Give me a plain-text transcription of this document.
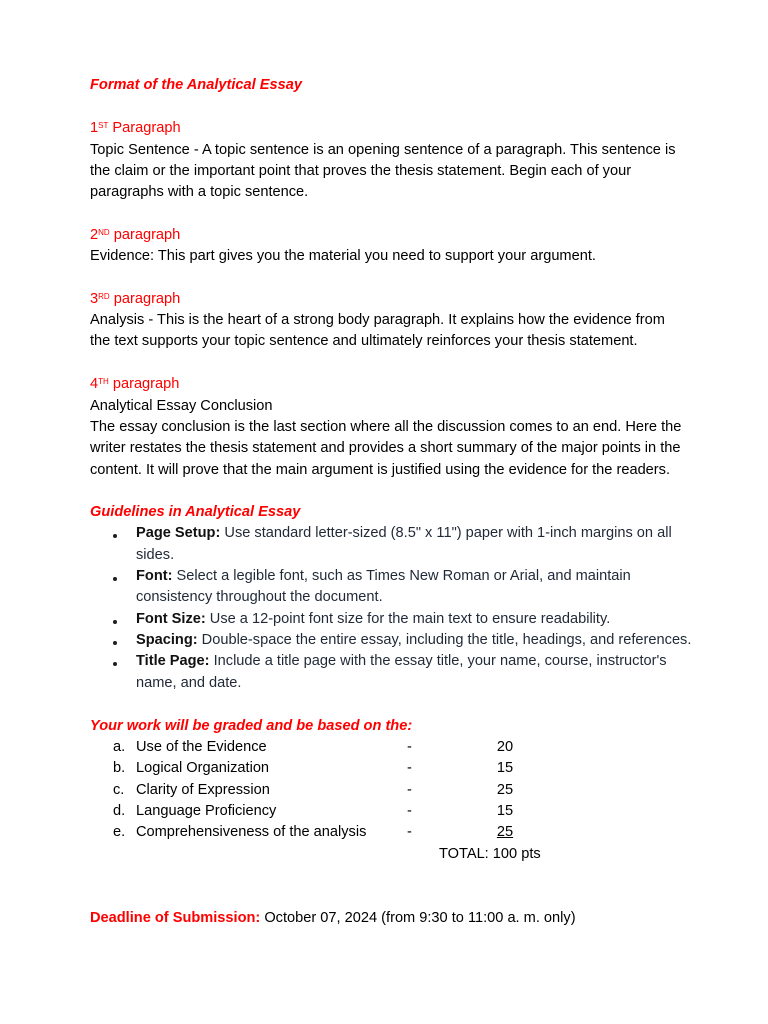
Format of the Analytical Essay
1ST Paragraph
Topic Sentence - A topic sentence is an opening sentence of a paragraph. This sentence is
the claim or the important point that proves the thesis statement. Begin each of your
paragraphs with a topic sentence.
2ND paragraph
Evidence: This part gives you the material you need to support your argument.
3RD paragraph
Analysis - This is the heart of a strong body paragraph. It explains how the evidence from
the text supports your topic sentence and ultimately reinforces your thesis statement.
4TH paragraph
Analytical Essay Conclusion
The essay conclusion is the last section where all the discussion comes to an end. Here the
writer restates the thesis statement and provides a short summary of the major points in the
content. It will prove that the main argument is justified using the evidence for the readers.
Guidelines in Analytical Essay
Page Setup: Use standard letter-sized (8.5" x 11") paper with 1-inch margins on all
sides.
Font: Select a legible font, such as Times New Roman or Arial, and maintain
consistency throughout the document.
Font Size: Use a 12-point font size for the main text to ensure readability.
Spacing: Double-space the entire essay, including the title, headings, and references.
Title Page: Include a title page with the essay title, your name, course, instructor's
name, and date.
Your work will be graded and be based on the:
a. Use of the Evidence	-	20
b. Logical Organization	-	15
c. Clarity of Expression	-	25
d. Language Proficiency	-	15
e. Comprehensiveness of the analysis	-	25
TOTAL: 100 pts
Deadline of Submission: October 07, 2024 (from 9:30 to 11:00 a. m. only)
